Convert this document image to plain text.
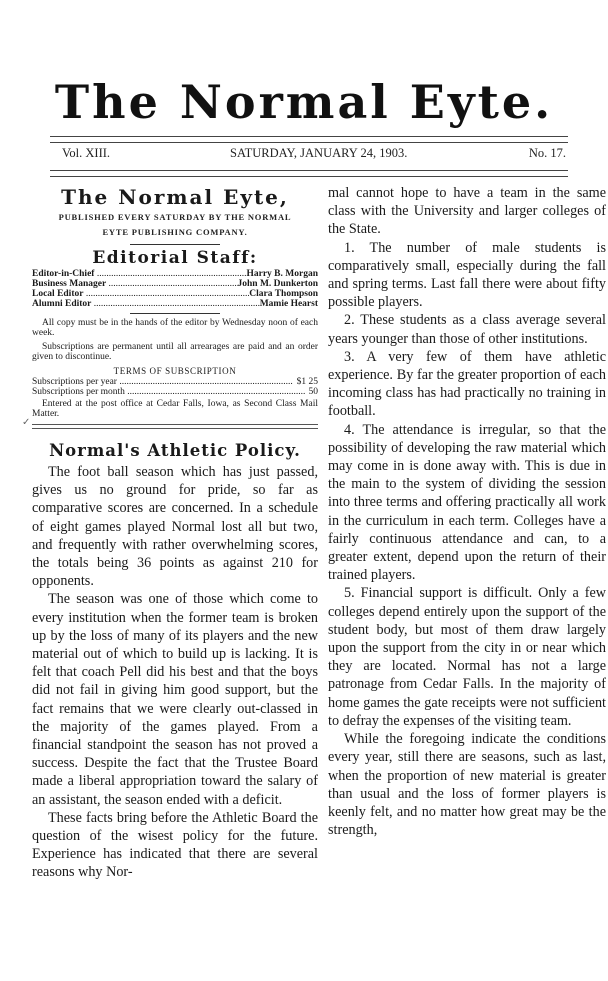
The Normal Eyte.
Vol. XIII.	SATURDAY, JANUARY 24, 1903.	No. 17.
✓
The Normal Eyte,
PUBLISHED EVERY SATURDAY BY THE NORMAL
EYTE PUBLISHING COMPANY.
Editorial Staff:
Editor-in-Chief .....	Harry B. Morgan
Business Manager .....	John M. Dunkerton
Local Editor .....	Clara Thompson
Alumni Editor .....	Mamie Hearst
All copy must be in the hands of the editor by Wednesday noon of each week.
Subscriptions are permanent until all arrearages are paid and an order given to discontinue.
TERMS OF SUBSCRIPTION
Subscriptions per year .....	$1 25
Subscriptions per month .....	50
Entered at the post office at Cedar Falls, Iowa, as Second Class Mail Matter.
Normal's Athletic Policy.

The foot ball season which has just passed, gives us no ground for pride, so far as comparative scores are concerned. In a schedule of eight games played Normal lost all but two, and frequently with rather overwhelming scores, the totals being 36 points as against 210 for opponents.

The season was one of those which come to every institution when the former team is broken up by the loss of many of its players and the new material out of which to build up is lacking. It is felt that coach Pell did his best and that the boys did not fail in giving him good support, but the fact remains that we were clearly out-classed in the majority of the games played. From a financial standpoint the season has not proved a success. Despite the fact that the Trustee Board made a liberal appropriation toward the salary of an assistant, the season ended with a deficit.

These facts bring before the Athletic Board the question of the wisest policy for the future. Experience has indicated that there are several reasons why Nor-

mal cannot hope to have a team in the same class with the University and larger colleges of the State.

1. The number of male students is comparatively small, especially during the fall and spring terms. Last fall there were about fifty possible players.

2. These students as a class average several years younger than those of other institutions.

3. A very few of them have athletic experience. By far the greater proportion of each incoming class has had practically no training in football.

4. The attendance is irregular, so that the possibility of developing the raw material which may come in is done away with. This is due in the main to the system of dividing the session into three terms and offering practically all work in the curriculum in each term. Colleges have a fairly continuous attendance and can, to a greater extent, depend upon the return of their trained players.

5. Financial support is difficult. Only a few colleges depend entirely upon the support of the student body, but most of them draw largely upon the support from the city in or near which they are located. Normal has not a large patronage from Cedar Falls. In the majority of home games the gate receipts were not sufficient to defray the expenses of the visiting team.

While the foregoing indicate the conditions every year, still there are seasons, such as last, when the proportion of new material is greater than usual and the loss of former players is keenly felt, and no matter how great may be the strength,
